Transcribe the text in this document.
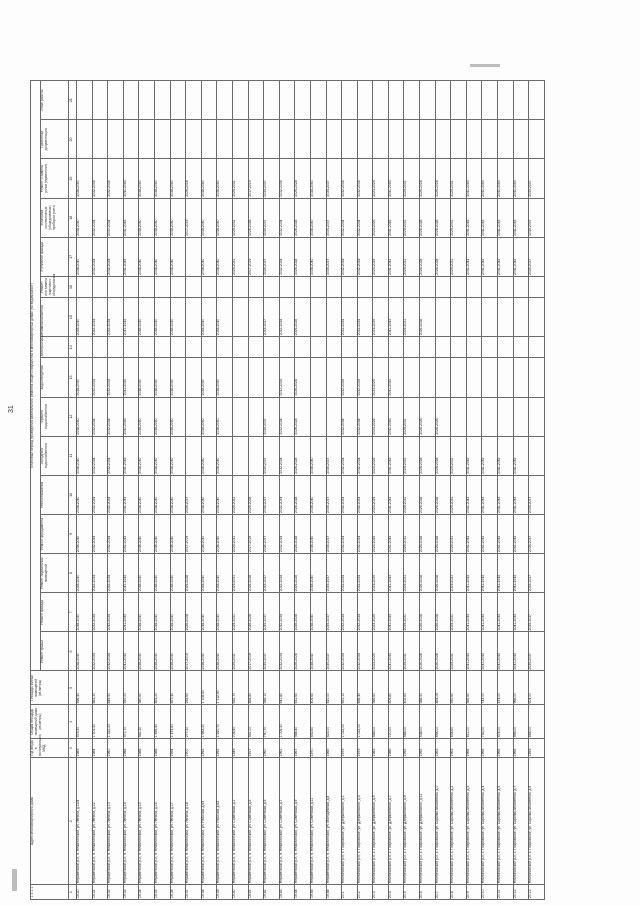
31
1 3 1 1	Адрес многоквартирного дома	Год ввода в эксплуатацию МКД	Общая площадь помещений дома (кв.метры)	Площадь жилых помещений (кв.метры)	Плановый период проведения капитального ремонта общего имущества в многоквартирных домах (по видам работ)															
					Ремонт крыши	Ремонт фасада	Ремонт подвальных помещений	Ремонт фундамента	теплоснабжения	холодного водоснабжения	горячего водоснабжения	водоотведения	электроснабжения	газоснабжения	Ремонт или замена лифтового оборудования	Утепление фасада	Установка коллективных (общедомовых) приборов учета	Ремонт и замена узлов управления	Проектная документация	Иные работы
1	2	3	4	5	6	7	8	9	10	11	12	13	14	15	16	17	18	19	20	21
19.30	Неравенский р-н, п. Нежилинский, ул. Ленина, д.11/4	1989	975,50	596,40	2038-2040	2038-2040	2038-2040	2038-2040	2038-2040	2038-2040	2038-2040	2038-2040		2038-2040		2038-2040	2038-2040	2038-2040		
19.31	Неравенский р-н, п. Нежилинский, ул. Ленина, д.12	1984	1 503,30	863,30	2032-2034	2032-2034	2032-2034	2032-2034	2032-2034	2032-2034	2032-2034	2032-2034		2032-2034		2032-2034	2032-2034	2032-2034		
19.32	Неравенский р-н, п. Нежилинский, ул. Ленина, д.13	1980	1 332,20	849,50	2032-2034	2032-2034	2032-2034	2032-2034	2032-2034	2032-2034	2032-2034	2032-2034		2032-2034		2032-2034	2030-2034	2032-2034		
19.33	Неравенский р-н, п. Нежилинский, ул. Ленина, д.14	1988	971,70	590,00	2041-2043	2041-2043	2041-2043	2041-2043	2041-2043	2041-2043	2041-2043	2041-2043		2041-2043		2041-2043	2041-2043	2041-2043		
19.34	Неравенский р-н, п. Нежилинский, ул. Ленина, д.15	1988	981,30	580,60	2038-2040	2038-2040	2038-2040	2038-2040	2038-2040	2038-2040	2038-2040	2038-2040		2038-2040		2038-2040	2038-2040	2038-2040		
19.35	Неравенский р-н, п. Нежилинский, ул. Ленина, д.16	1988	1 499,40	853,20	2038-2040	2038-2040	2038-2040	2038-2040	2038-2040	2038-2040	2038-2040	2038-2040		2038-2040		2038-2040	2038-2040	2038-2040		
19.36	Неравенский р-н, п. Нежилинский, ул. Ленина, д.17	1994	1 474,60	837,40	2038-2040	2038-2040	2038-2040	2038-2040	2038-2040	2038-2040	2038-2040	2038-2040		2038-2040		2038-2040	2038-2040	2038-2040		
19.37	Неравенский р-н, п. Нежилинский, ул. Ленина, д.18	1900	277,20	255,60	2017-2019	2026-2028	2026-2028	2017-2019	2035-2037								2017-2019	2026-2028		
19.38	Неравенский р-н, п. Нежилинский, ул. Рабочая, д.63	1992	1 663,20	1 108,50	2038-2040	2038-2040	2038-2040	2038-2040	2038-2040	2038-2040	2038-2040	2038-2040		2038-2040		2038-2040	2038-2040	2038-2040		
19.39	Неравенский р-н, п. Нежилинский, ул. Рабочая, д.62	1992	1 620,70	1 112,90	2038-2040	2038-2040	2038-2040	2038-2040	2038-2040	2038-2040	2038-2040	2038-2040		2038-2040		2038-2040	2038-2040	2038-2040		
19.40	Неравенский р-н, п. Нежилинский, ул. Советская, д.1	1949	708,90	652,70	2029-2031	2029-2031	2029-2031	2029-2031	2029-2031							2029-2031	2029-2031	2029-2031		
19.41	Неравенский р-н, п. Нежилинский, ул. Советская, д.3	1917	541,00	484,80	2017-2019	2026-2028	2026-2028	2017-2019	2026-2028							2017-2019	2026-2028	2017-2019		
19.42	Неравенский р-н, п. Нежилинский, ул. Советская, д.5	1960	790,70	586,10	2035-2037	2035-2037	2035-2037	2035-2037	2035-2037	2035-2037	2035-2037			2035-2037		2035-2037	2035-2037	2035-2037		
19.43	Неравенский р-н, п. Нежилинский, ул. Советская, д.7	1961	1 009,30	641,80	2032-2034	2032-2034	2032-2034	2032-2034	2032-2034	2032-2034	2032-2034	2032-2034		2032-2034		2032-2034	2032-2034	2032-2034		
19.44	Неравенский р-н, п. Нежилинский, ул. Советская, д.9	1967	988,40	631,60	2026-2028	2026-2028	2026-2028	2026-2028	2026-2028	2026-2028	2026-2028	2026-2028		2026-2028		2026-2028	2026-2028	2026-2028		
19.45	Неравенский р-н, п. Нежилинский, ул. Советская, д.11	1970	452,60	405,60	2038-2040	2038-2040	2038-2040	2038-2040	2038-2040	2038-2040						2038-2040	2038-2040	2038-2040		
19.46	Неравенский р-н, п. Нежилинский, ул. Молодежная, д.8	1966	423,00	420,00	2035-2037	2035-2037	2035-2037	2035-2037	2035-2037	2035-2037						2035-2037	2035-2037	2035-2037		
20.1	Неклиновский р-н, с. Покровское, ул. Дзержинского, д.1	1979	1 022,00	651,10	2032-2034	2032-2034	2032-2034	2032-2034	2032-2034	2032-2034	2032-2034	2032-2034		2032-2034		2032-2034	2032-2034	2032-2034		
20.2	Неклиновский р-н, с. Покровское, ул. Дзержинского, д.3	1979	1 022,00	656,40	2032-2034	2032-2034	2032-2034	2032-2034	2032-2034	2032-2034	2032-2034	2032-2034		2032-2034		2032-2034	2032-2034	2032-2034		
20.3	Неклиновский р-н, с. Покровское, ул. Дзержинского, д.5	1983	588,00	366,60	2023-2025	2023-2025	2023-2025	2023-2025	2023-2025	2023-2025	2023-2025	2023-2025		2023-2025		2023-2025	2023-2025	2023-2025		
20.4	Неклиновский р-н, с. Покровское, ул. Дзержинского, д.7	1986	720,00	609,80	2041-2043	2041-2043	2041-2043	2041-2043	2041-2043	2041-2043	2041-2043	2041-2043		2041-2043		2041-2043	2041-2043	2041-2043		
20.5	Неклиновский р-н, с. Покровское, ул. Дзержинского, д.9	1993	588,00	402,60	2029-2031	2029-2031	2029-2031	2029-2031	2029-2031	2029-2031	2029-2031			2029-2031		2029-2031	2029-2031	2029-2031		
20.6	Неклиновский р-н, с. Покровское, ул. Дзержинского, д.11	1993	538,00	386,50	2026-2028	2026-2028	2026-2028	2026-2028	2026-2028	2026-2028	2026-2028			2026-2028		2026-2028	2026-2028	2026-2028		
20.7	Неклиновский р-н, с. Покровское, ул. Скрипко-Моисеенко, д.1	1963	494,00	464,06	2026-2028	2026-2028	2026-2028	2026-2028	2026-2028	2026-2028	2026-2028					2026-2028	2026-2028	2026-2028		
20.8	Неклиновский р-н, с. Покровское, ул. Скрипко-Моисеенко, д.2	1963	654,60	590,60	2029-2031	2029-2031	2029-2031	2029-2031	2029-2031	2029-2031						2029-2031	2029-2031	2029-2031		
20.9	Неклиновский р-н, с. Покровское, ул. Скрипко-Моисеенко, д.3	1966	611,00	566,60	2041-2043	2041-2043	2041-2043	2041-2043	2041-2043	2041-2043						2041-2043	2041-2043	2041-2043		
20.10	Неклиновский р-н, с. Покровское, ул. Скрипко-Моисеенко, д.4	1966	743,00	743,00	2041-2043	2041-2043	2041-2043	2041-2043	2041-2043	2041-2043						2041-2043	2041-2043	2041-2043		
20.11	Неклиновский р-н, с. Покровское, ул. Скрипко-Моисеенко, д.5	1966	474,00	474,00	2041-2043	2041-2043	2041-2043	2041-2043	2041-2043	2041-2043						2041-2043	2041-2043	2041-2043		
20.12	Неклиновский р-н, с. Покровское, ул. Скрипко-Моисеенко, д.7	1966	966,00	966,00	2041-2043	2041-2043	2041-2043	2041-2043	2041-2043	2041-2043						2041-2043	2041-2043	2041-2043		
20.13	Неклиновский р-н, с. Покровское, ул. Скрипко-Моисеенко, д.9	1959	664,00	604,00	2035-2037	2035-2037	2035-2037	2035-2037	2035-2037							2035-2037	2035-2037	2035-2037		
